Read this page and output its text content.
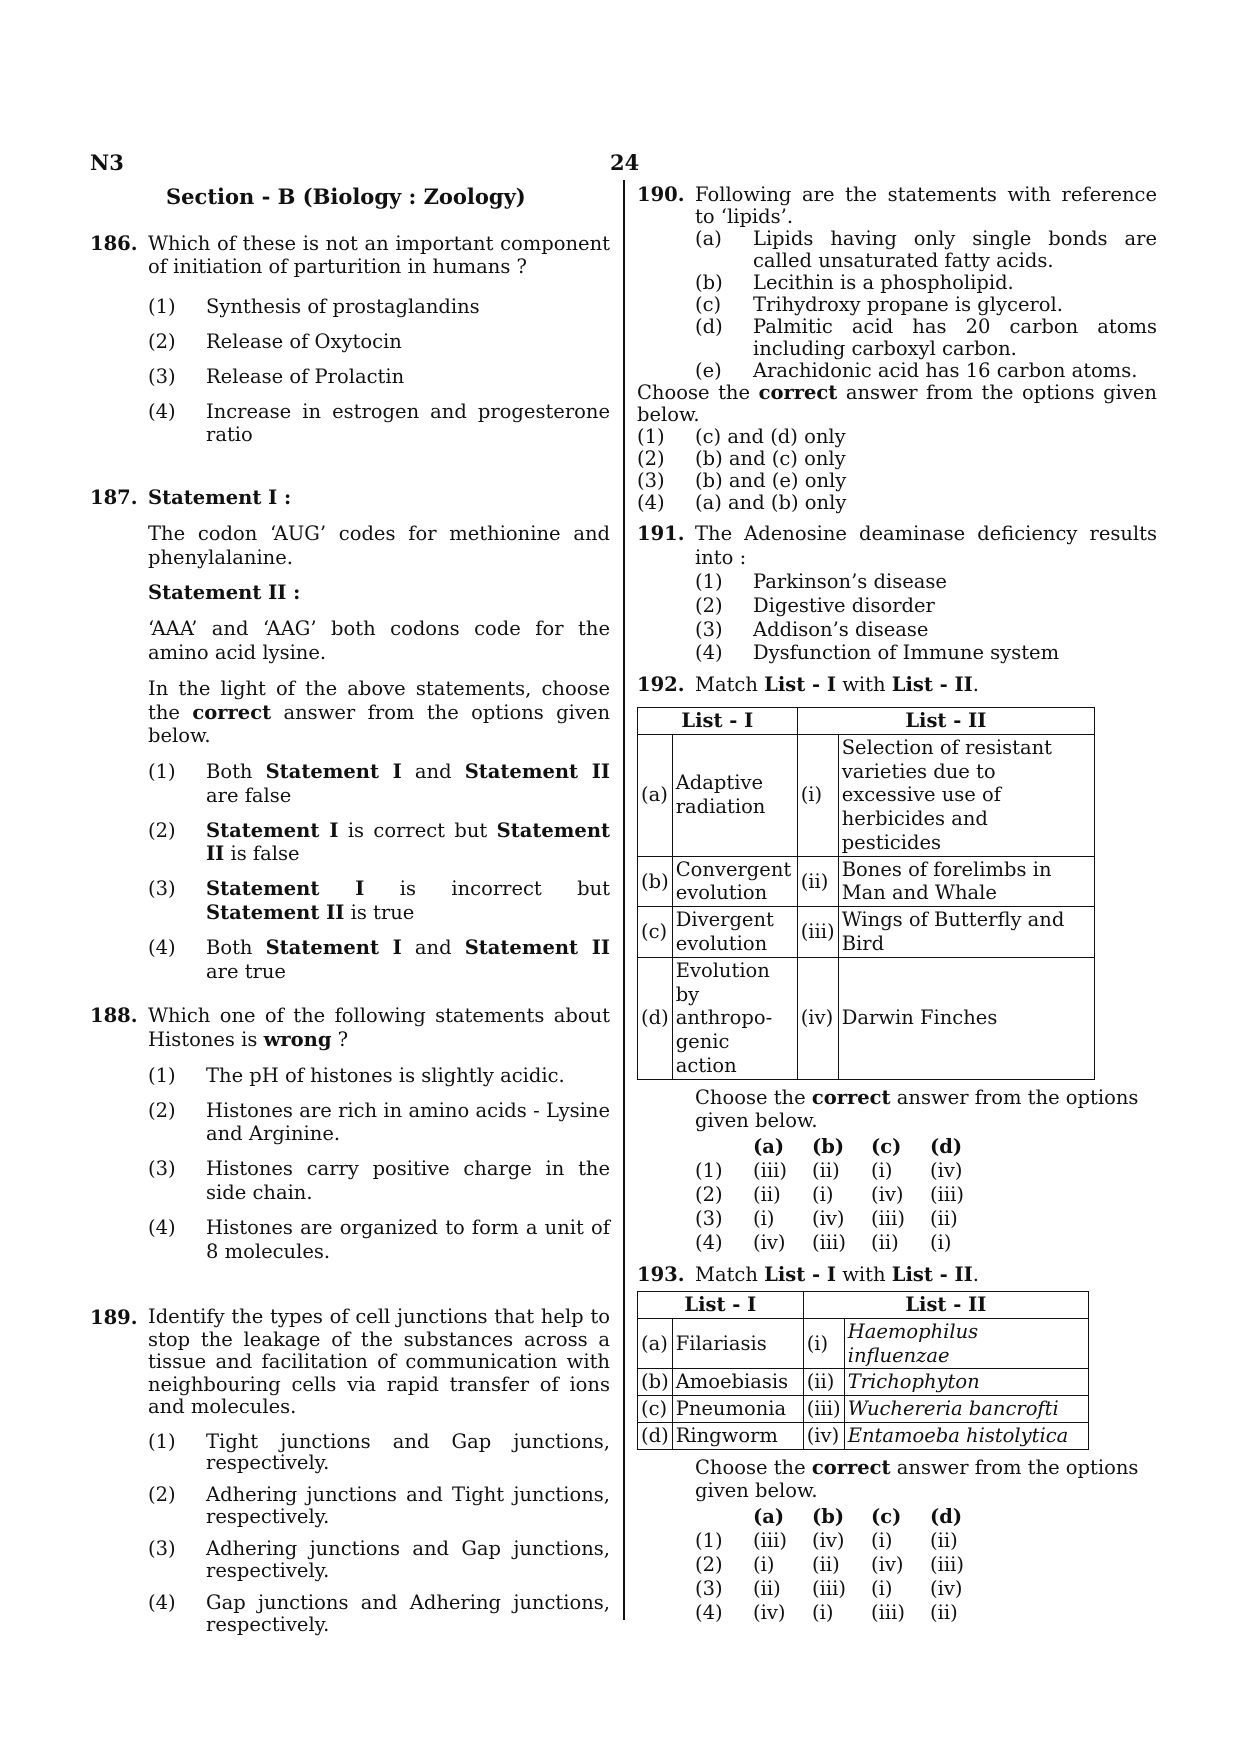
N3	24
Section - B (Biology : Zoology)
186. Which of these is not an important component of initiation of parturition in humans ?

(1)	Synthesis of prostaglandins
(2)	Release of Oxytocin
(3)	Release of Prolactin
(4)	Increase in estrogen and progesterone ratio
187. Statement I :

The codon ‘AUG’ codes for methionine and phenylalanine.

Statement II :

‘AAA’ and ‘AAG’ both codons code for the amino acid lysine.

In the light of the above statements, choose the correct answer from the options given below.

(1)	Both Statement I and Statement II are false
(2)	Statement I is correct but Statement II is false
(3)	Statement I is incorrect but Statement II is true
(4)	Both Statement I and Statement II are true
188. Which one of the following statements about Histones is wrong ?

(1)	The pH of histones is slightly acidic.
(2)	Histones are rich in amino acids - Lysine and Arginine.
(3)	Histones carry positive charge in the side chain.
(4)	Histones are organized to form a unit of 8 molecules.
189. Identify the types of cell junctions that help to stop the leakage of the substances across a tissue and facilitation of communication with neighbouring cells via rapid transfer of ions and molecules.

(1)	Tight junctions and Gap junctions, respectively.
(2)	Adhering junctions and Tight junctions, respectively.
(3)	Adhering junctions and Gap junctions, respectively.
(4)	Gap junctions and Adhering junctions, respectively.
190. Following are the statements with reference to ‘lipids’.
(a)	Lipids having only single bonds are called unsaturated fatty acids.
(b)	Lecithin is a phospholipid.
(c)	Trihydroxy propane is glycerol.
(d)	Palmitic acid has 20 carbon atoms including carboxyl carbon.
(e)	Arachidonic acid has 16 carbon atoms.
Choose the correct answer from the options given below.
(1)	(c) and (d) only
(2)	(b) and (c) only
(3)	(b) and (e) only
(4)	(a) and (b) only
191. The Adenosine deaminase deficiency results into :
(1)	Parkinson’s disease
(2)	Digestive disorder
(3)	Addison’s disease
(4)	Dysfunction of Immune system
192. Match List - I with List - II.
List - I		List - II	
(a)	Adaptive radiation	(i)	Selection of resistant varieties due to excessive use of herbicides and pesticides
(b)	Convergent evolution	(ii)	Bones of forelimbs in Man and Whale
(c)	Divergent evolution	(iii)	Wings of Butterfly and Bird
(d)	Evolution by anthropo-genic action	(iv)	Darwin Finches
Choose the correct answer from the options given below.
	(a)	(b)	(c)	(d)
(1)	(iii)	(ii)	(i)	(iv)
(2)	(ii)	(i)	(iv)	(iii)
(3)	(i)	(iv)	(iii)	(ii)
(4)	(iv)	(iii)	(ii)	(i)
193. Match List - I with List - II.
List - I		List - II	
(a)	Filariasis	(i)	Haemophilus influenzae
(b)	Amoebiasis	(ii)	Trichophyton
(c)	Pneumonia	(iii)	Wuchereria bancrofti
(d)	Ringworm	(iv)	Entamoeba histolytica
Choose the correct answer from the options given below.
	(a)	(b)	(c)	(d)
(1)	(iii)	(iv)	(i)	(ii)
(2)	(i)	(ii)	(iv)	(iii)
(3)	(ii)	(iii)	(i)	(iv)
(4)	(iv)	(i)	(iii)	(ii)
